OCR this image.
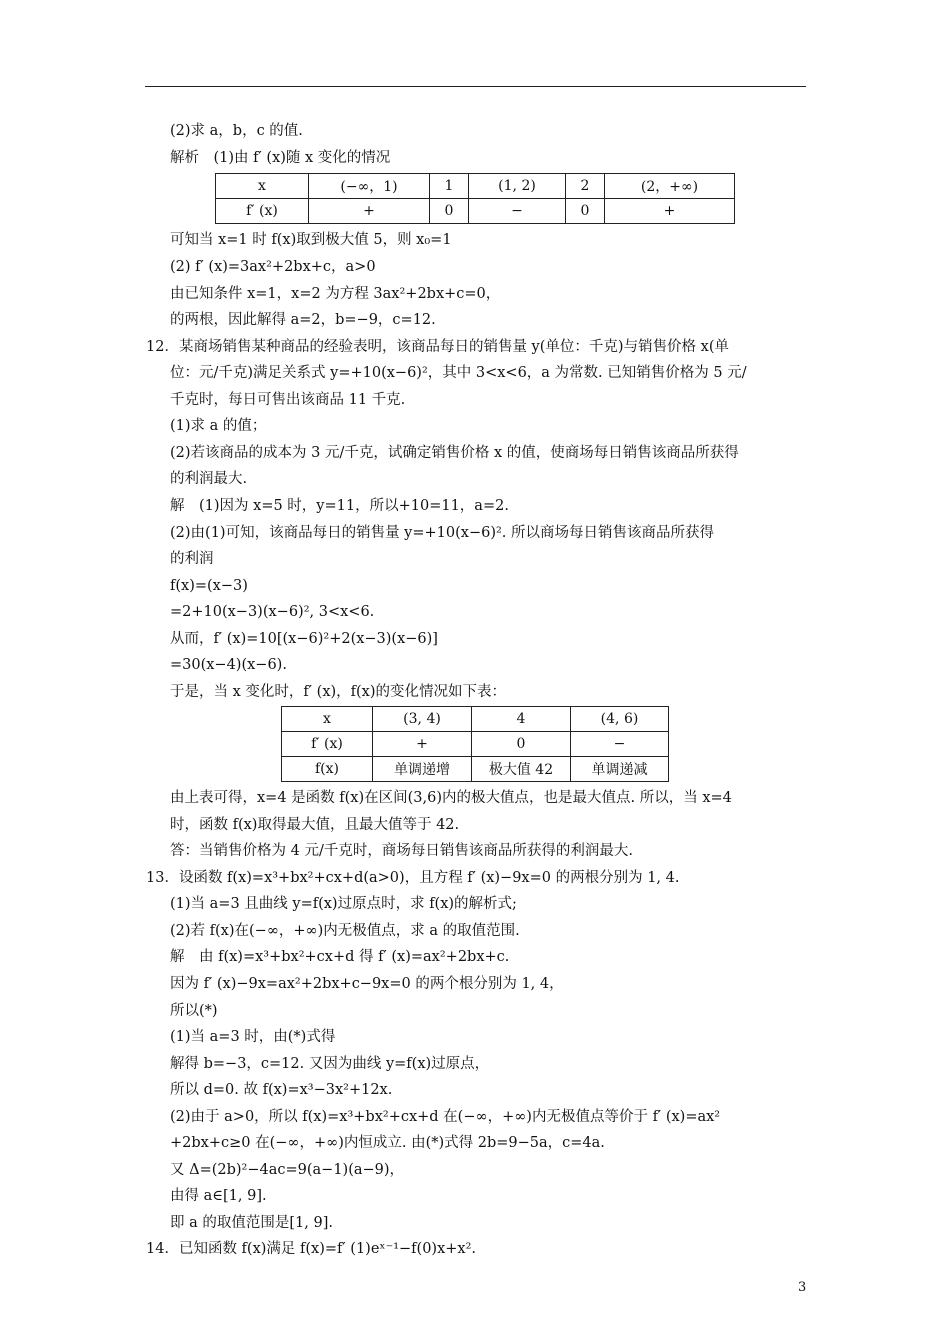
(2)求 a，b，c 的值.
解析　(1)由 f′ (x)随 x 变化的情况
x	(−∞，1)	1	(1, 2)	2	(2，+∞)
f′ (x)	+	0	−	0	+
可知当 x=1 时 f(x)取到极大值 5，则 x₀=1
(2) f′ (x)=3ax²+2bx+c，a>0
由已知条件 x=1，x=2 为方程 3ax²+2bx+c=0，
的两根，因此解得 a=2，b=−9，c=12.
12．某商场销售某种商品的经验表明，该商品每日的销售量 y(单位：千克)与销售价格 x(单
位：元/千克)满足关系式 y=+10(x−6)²，其中 3<x<6，a 为常数. 已知销售价格为 5 元/
千克时，每日可售出该商品 11 千克.
(1)求 a 的值；
(2)若该商品的成本为 3 元/千克，试确定销售价格 x 的值，使商场每日销售该商品所获得
的利润最大.
解　(1)因为 x=5 时，y=11，所以+10=11，a=2.
(2)由(1)可知，该商品每日的销售量 y=+10(x−6)². 所以商场每日销售该商品所获得
的利润
f(x)=(x−3)
=2+10(x−3)(x−6)², 3<x<6.
从而，f′ (x)=10[(x−6)²+2(x−3)(x−6)]
=30(x−4)(x−6).
于是，当 x 变化时，f′ (x)，f(x)的变化情况如下表：
x	(3, 4)	4	(4, 6)
f′ (x)	+	0	−
f(x)	单调递增	极大值 42	单调递减
由上表可得，x=4 是函数 f(x)在区间(3,6)内的极大值点，也是最大值点. 所以，当 x=4
时，函数 f(x)取得最大值，且最大值等于 42.
答：当销售价格为 4 元/千克时，商场每日销售该商品所获得的利润最大.
13．设函数 f(x)=x³+bx²+cx+d(a>0)，且方程 f′ (x)−9x=0 的两根分别为 1, 4.
(1)当 a=3 且曲线 y=f(x)过原点时，求 f(x)的解析式;
(2)若 f(x)在(−∞，+∞)内无极值点，求 a 的取值范围.
解　由 f(x)=x³+bx²+cx+d 得 f′ (x)=ax²+2bx+c.
因为 f′ (x)−9x=ax²+2bx+c−9x=0 的两个根分别为 1, 4，
所以(*)
(1)当 a=3 时，由(*)式得
解得 b=−3，c=12. 又因为曲线 y=f(x)过原点，
所以 d=0. 故 f(x)=x³−3x²+12x.
(2)由于 a>0，所以 f(x)=x³+bx²+cx+d 在(−∞，+∞)内无极值点等价于 f′ (x)=ax²
+2bx+c≥0 在(−∞，+∞)内恒成立. 由(*)式得 2b=9−5a，c=4a.
又 Δ=(2b)²−4ac=9(a−1)(a−9)，
由得 a∈[1, 9].
即 a 的取值范围是[1, 9].
14．已知函数 f(x)满足 f(x)=f′ (1)eˣ⁻¹−f(0)x+x².
3
